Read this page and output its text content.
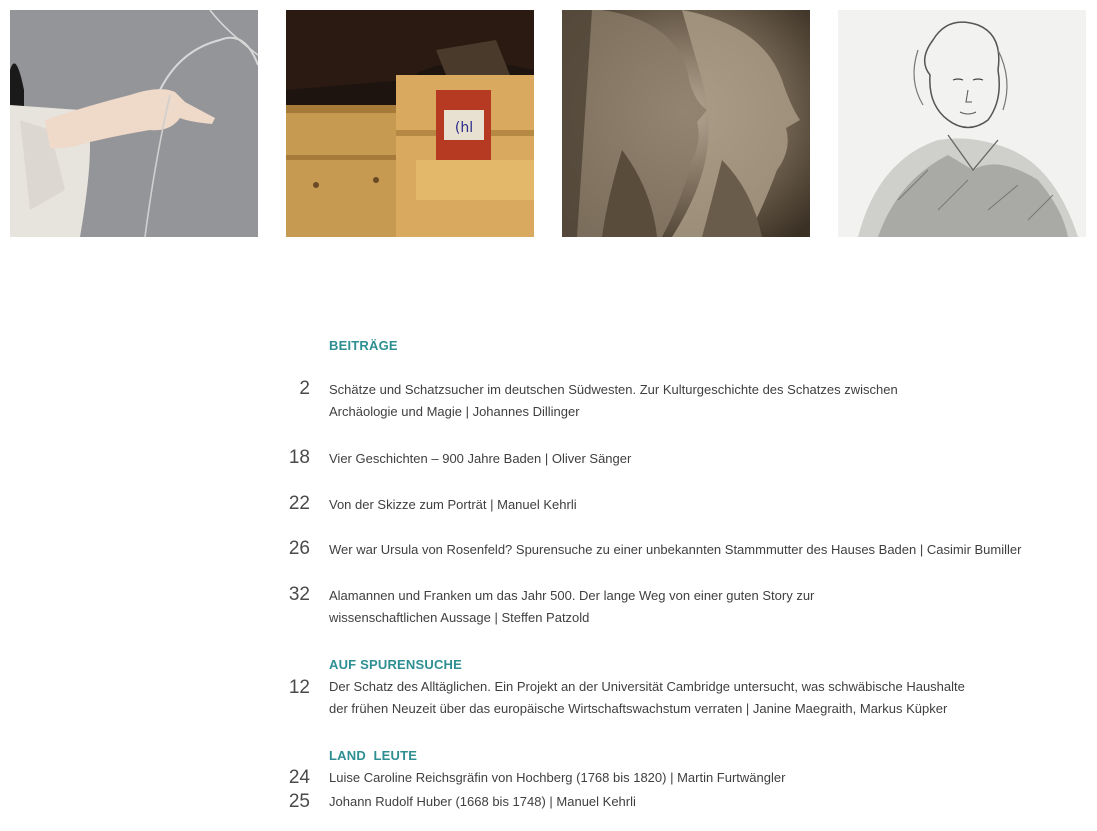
(hl
BEITRÄGE
2 Schätze und Schatzsucher im deutschen Südwesten. Zur Kulturgeschichte des Schatzes zwischen
Archäologie und Magie | Johannes Dillinger
18 Vier Geschichten – 900 Jahre Baden | Oliver Sänger
22 Von der Skizze zum Porträt | Manuel Kehrli
26 Wer war Ursula von Rosenfeld? Spurensuche zu einer unbekannten Stammmutter des Hauses Baden | Casimir Bumiller
32 Alamannen und Franken um das Jahr 500. Der lange Weg von einer guten Story zur
wissenschaftlichen Aussage | Steffen Patzold
AUF SPURENSUCHE
12 Der Schatz des Alltäglichen. Ein Projekt an der Universität Cambridge untersucht, was schwäbische Haushalte
der frühen Neuzeit über das europäische Wirtschaftswachstum verraten | Janine Maegraith, Markus Küpker
LAND  LEUTE
24 Luise Caroline Reichsgräfin von Hochberg (1768 bis 1820) | Martin Furtwängler
25 Johann Rudolf Huber (1668 bis 1748) | Manuel Kehrli
